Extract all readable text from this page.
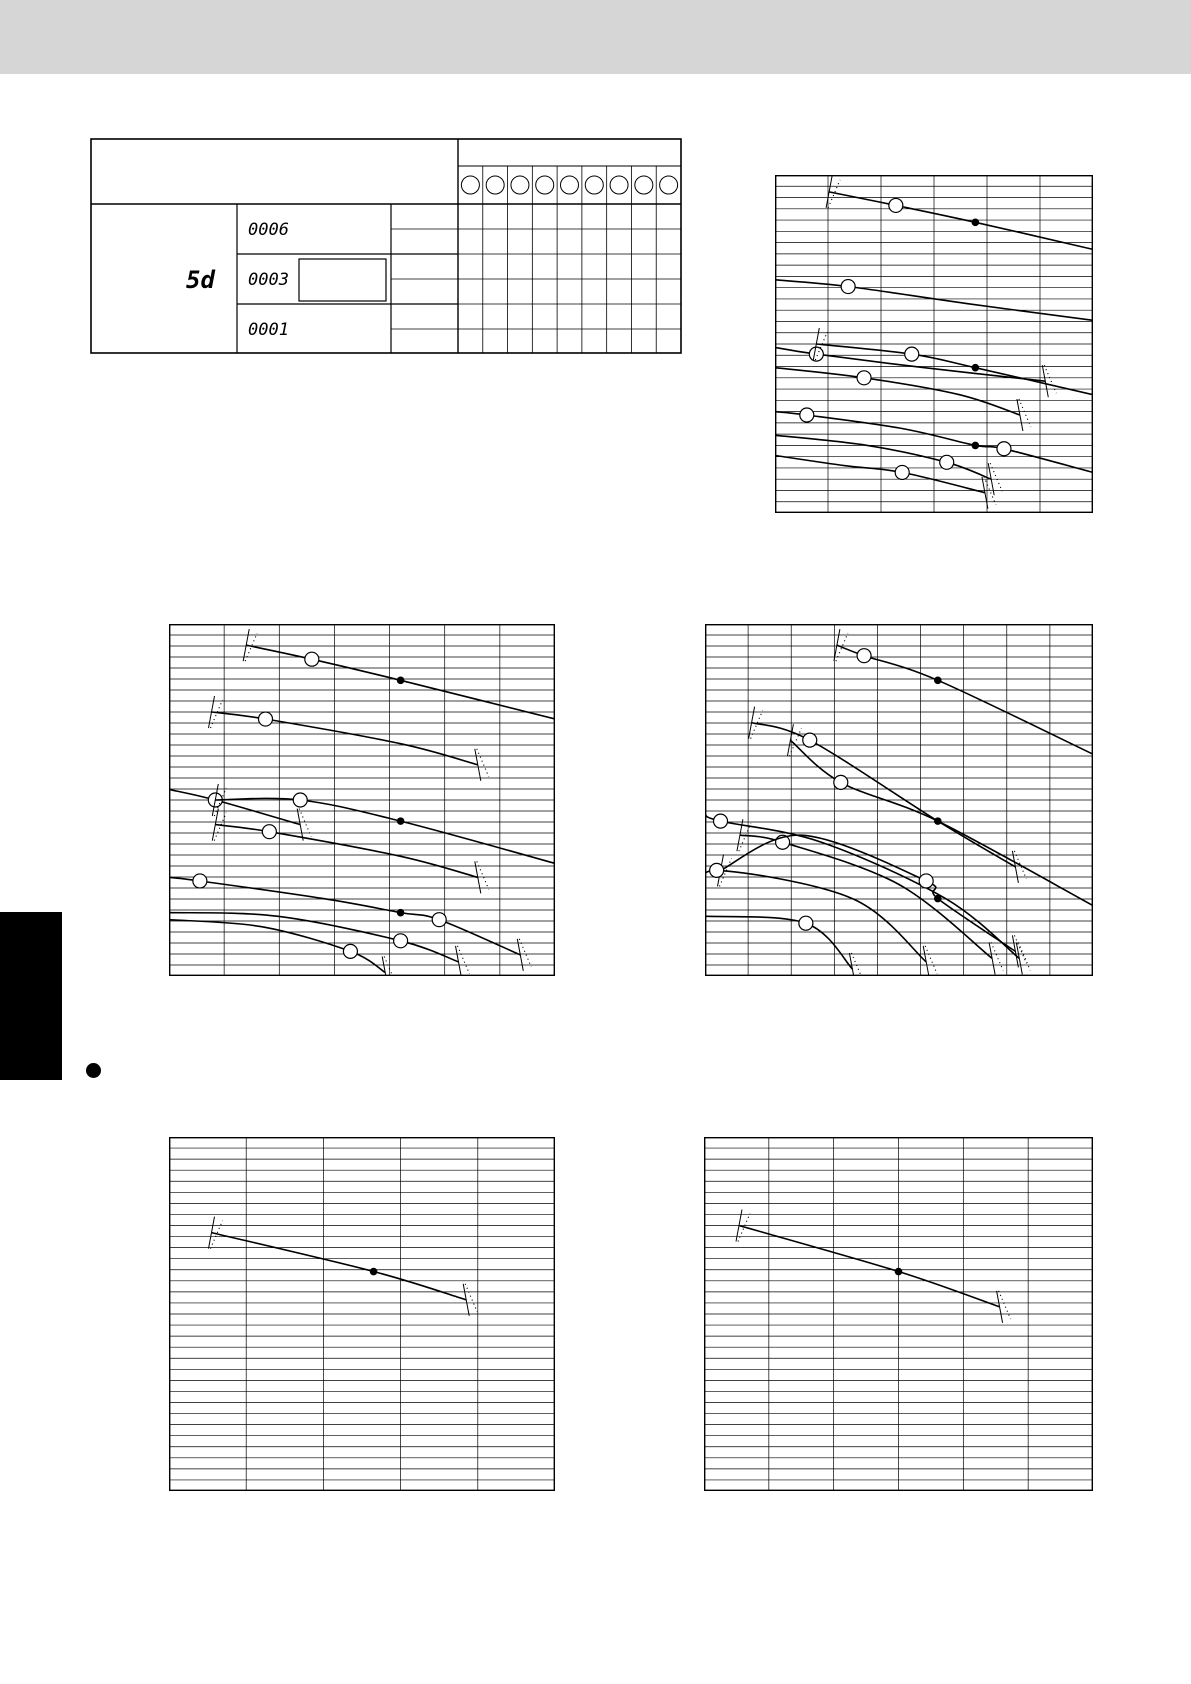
5d
0006
0003
0001
